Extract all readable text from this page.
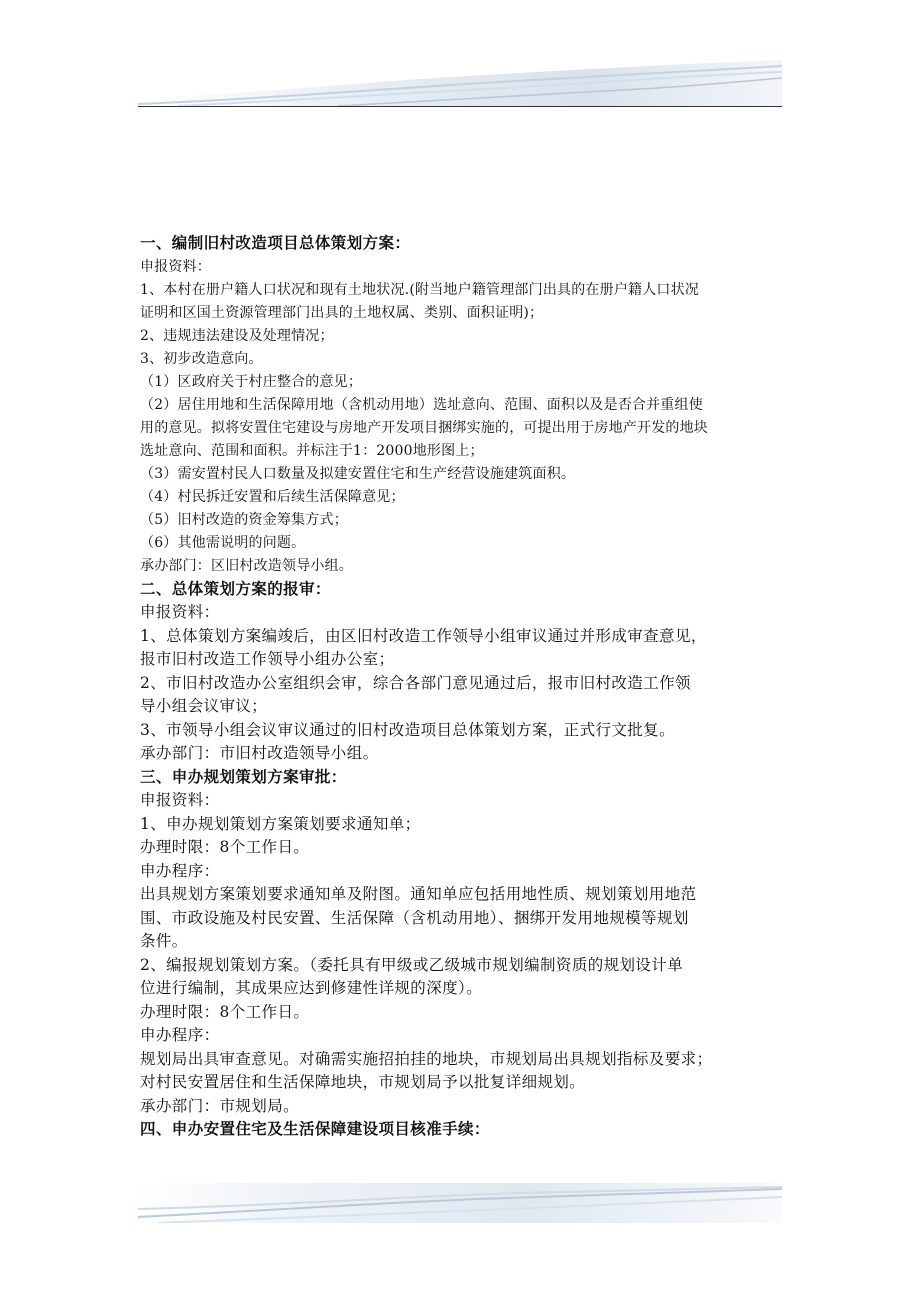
一、编制旧村改造项目总体策划方案：
申报资料：
1、本村在册户籍人口状况和现有土地状况.(附当地户籍管理部门出具的在册户籍人口状况
证明和区国土资源管理部门出具的土地权属、类别、面积证明)；
2、违规违法建设及处理情况；
3、初步改造意向。
（1）区政府关于村庄整合的意见；
（2）居住用地和生活保障用地（含机动用地）选址意向、范围、面积以及是否合并重组使
用的意见。拟将安置住宅建设与房地产开发项目捆绑实施的，可提出用于房地产开发的地块
选址意向、范围和面积。并标注于1：2000地形图上；
（3）需安置村民人口数量及拟建安置住宅和生产经营设施建筑面积。
（4）村民拆迁安置和后续生活保障意见；
（5）旧村改造的资金筹集方式；
（6）其他需说明的问题。
承办部门：区旧村改造领导小组。
二、总体策划方案的报审：
申报资料：
1、总体策划方案编竣后，由区旧村改造工作领导小组审议通过并形成审查意见，
报市旧村改造工作领导小组办公室；
2、市旧村改造办公室组织会审，综合各部门意见通过后，报市旧村改造工作领
导小组会议审议；
3、市领导小组会议审议通过的旧村改造项目总体策划方案，正式行文批复。
承办部门：市旧村改造领导小组。
三、申办规划策划方案审批：
申报资料：
1、申办规划策划方案策划要求通知单；
办理时限：8个工作日。
申办程序：
出具规划方案策划要求通知单及附图。通知单应包括用地性质、规划策划用地范
围、市政设施及村民安置、生活保障（含机动用地）、捆绑开发用地规模等规划
条件。
2、编报规划策划方案。（委托具有甲级或乙级城市规划编制资质的规划设计单
位进行编制，其成果应达到修建性详规的深度）。
办理时限：8个工作日。
申办程序：
规划局出具审查意见。对确需实施招拍挂的地块，市规划局出具规划指标及要求；
对村民安置居住和生活保障地块，市规划局予以批复详细规划。
承办部门：市规划局。
四、申办安置住宅及生活保障建设项目核准手续：
